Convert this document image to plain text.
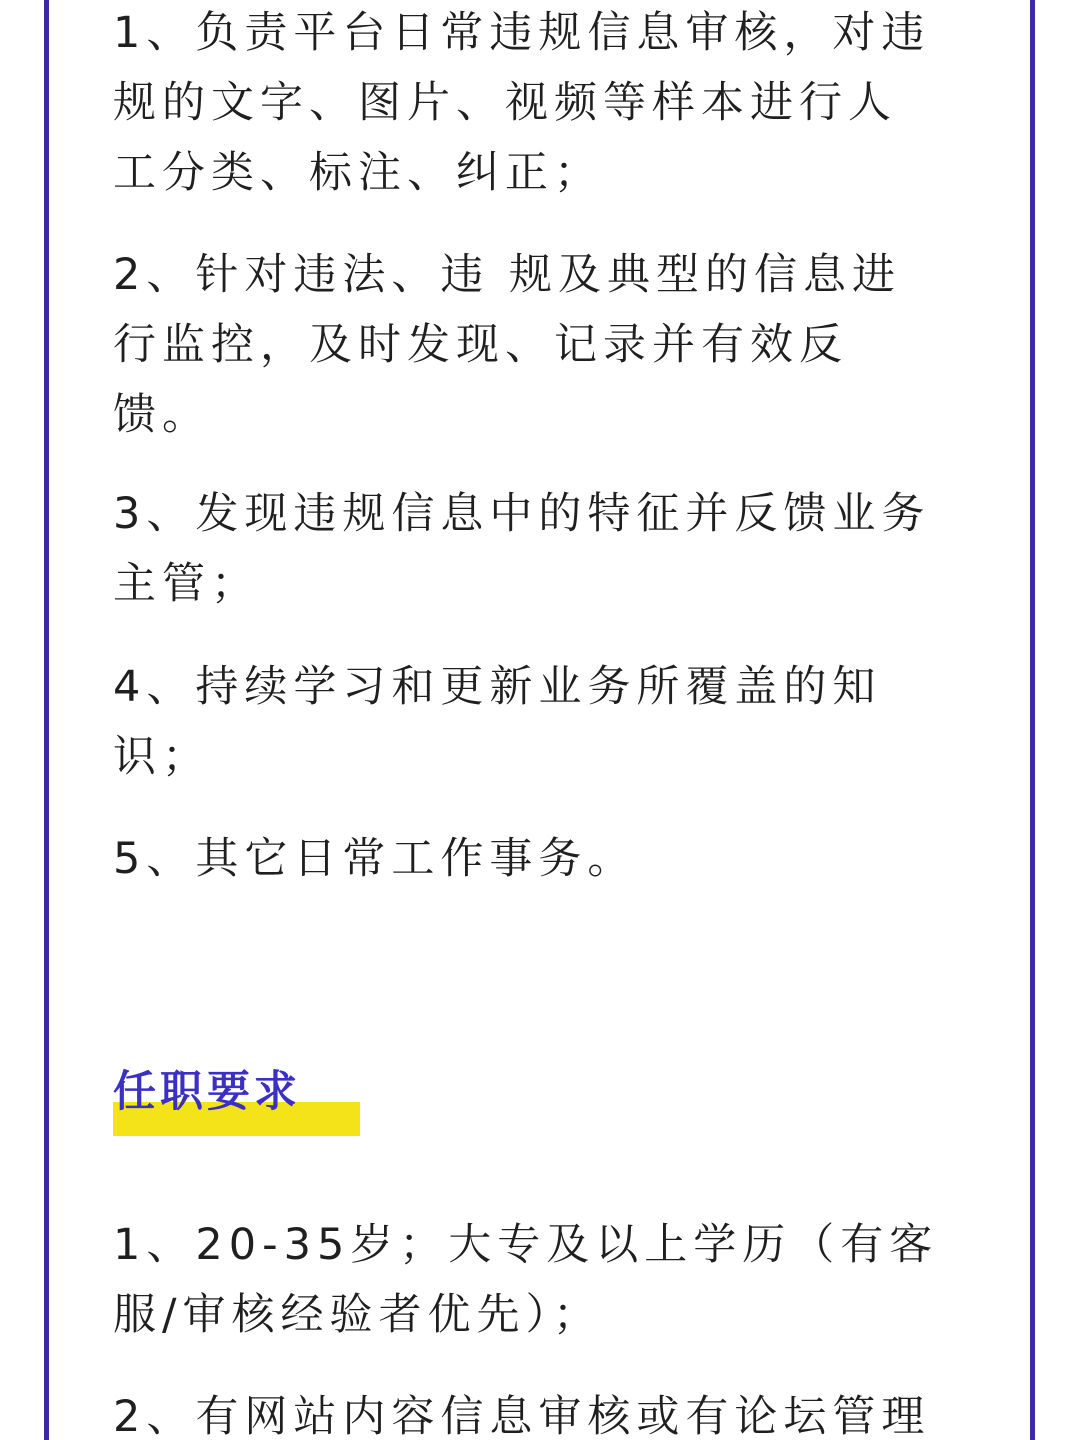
1、负责平台日常违规信息审核，对违
规的文字、图片、视频等样本进行人
工分类、标注、纠正；

2、针对违法、违 规及典型的信息进
行监控，及时发现、记录并有效反
馈。

3、发现违规信息中的特征并反馈业务
主管；

4、持续学习和更新业务所覆盖的知
识；

5、其它日常工作事务。

任职要求

1、20-35岁；大专及以上学历（有客
服/审核经验者优先）；

2、有网站内容信息审核或有论坛管理
